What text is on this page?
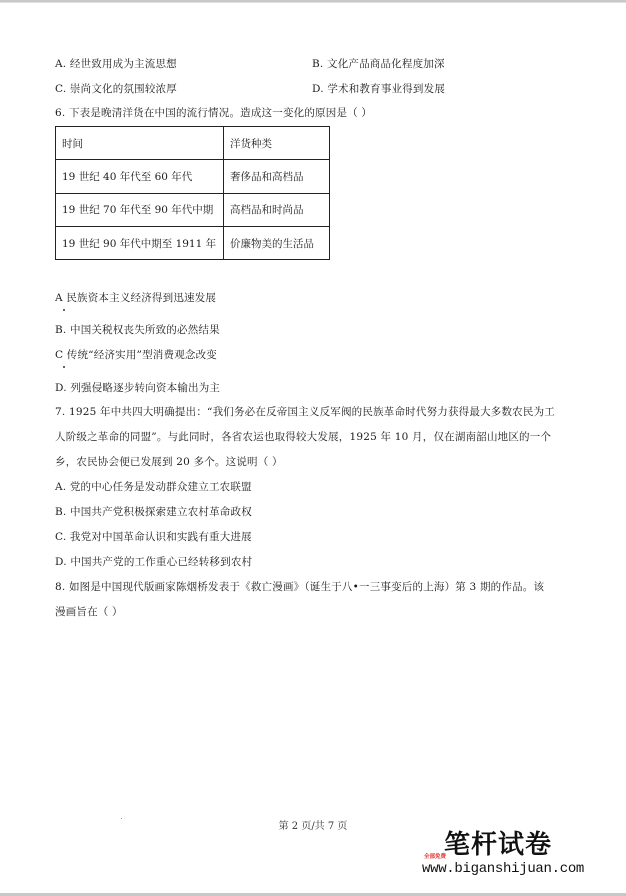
A. 经世致用成为主流思想	B. 文化产品商品化程度加深
C. 崇尚文化的氛围较浓厚	D. 学术和教育事业得到发展
6. 下表是晚清洋货在中国的流行情况。造成这一变化的原因是（ ）
时间	洋货种类
19 世纪 40 年代至 60 年代	奢侈品和高档品
19 世纪 70 年代至 90 年代中期	高档品和时尚品
19 世纪 90 年代中期至 1911 年	价廉物美的生活品
A 民族资本主义经济得到迅速发展
B. 中国关税权丧失所致的必然结果
C 传统“经济实用”型消费观念改变
D. 列强侵略逐步转向资本输出为主
7. 1925 年中共四大明确提出：“我们务必在反帝国主义反军阀的民族革命时代努力获得最大多数农民为工
人阶级之革命的同盟”。与此同时，各省农运也取得较大发展，1925 年 10 月，仅在湖南韶山地区的一个
乡，农民协会便已发展到 20 多个。这说明（ ）
A. 党的中心任务是发动群众建立工农联盟
B. 中国共产党积极探索建立农村革命政权
C. 我党对中国革命认识和实践有重大进展
D. 中国共产党的工作重心已经转移到农村
8. 如图是中国现代版画家陈烟桥发表于《救亡漫画》（诞生于八•一三事变后的上海）第 3 期的作品。该
漫画旨在（ ）
第 2 页/共 7 页
笔杆试卷
全部免费
www.biganshijuan.com
